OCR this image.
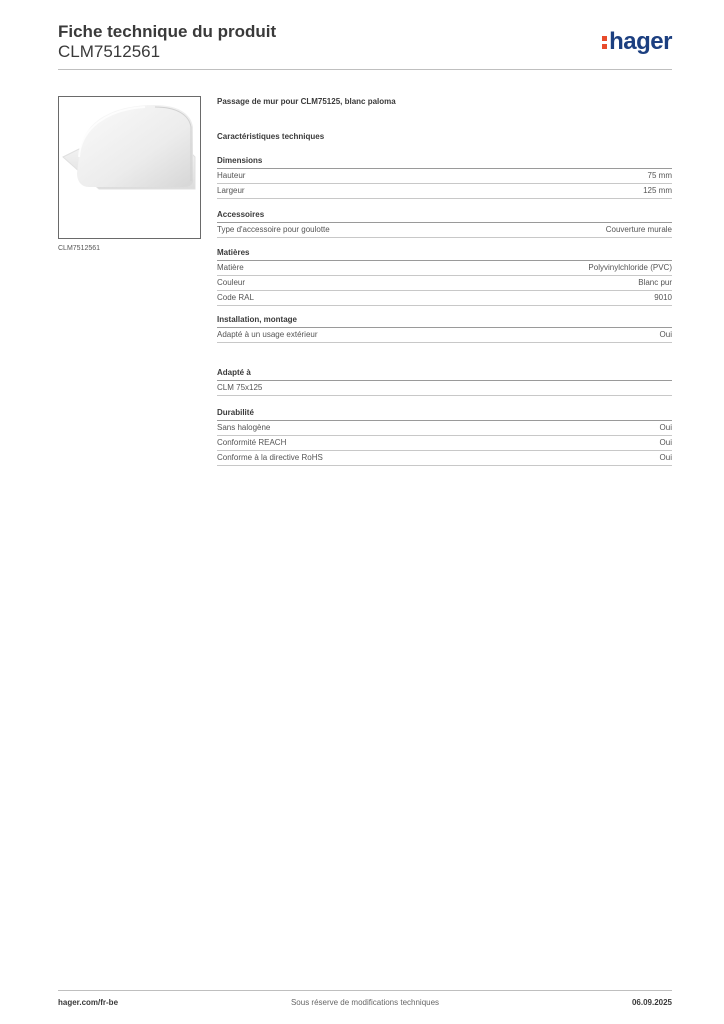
Fiche technique du produit
CLM7512561	hager
CLM7512561

Passage de mur pour CLM75125, blanc paloma

Caractéristiques techniques

Dimensions
Hauteur	75 mm
Largeur	125 mm
Accessoires
Type d'accessoire pour goulotte	Couverture murale
Matières
Matière	Polyvinylchloride (PVC)
Couleur	Blanc pur
Code RAL	9010
Installation, montage
Adapté à un usage extérieur	Oui
Adapté à
CLM 75x125
Durabilité
Sans halogène	Oui
Conformité REACH	Oui
Conforme à la directive RoHS	Oui
hager.com/fr-be	Sous réserve de modifications techniques	06.09.2025
